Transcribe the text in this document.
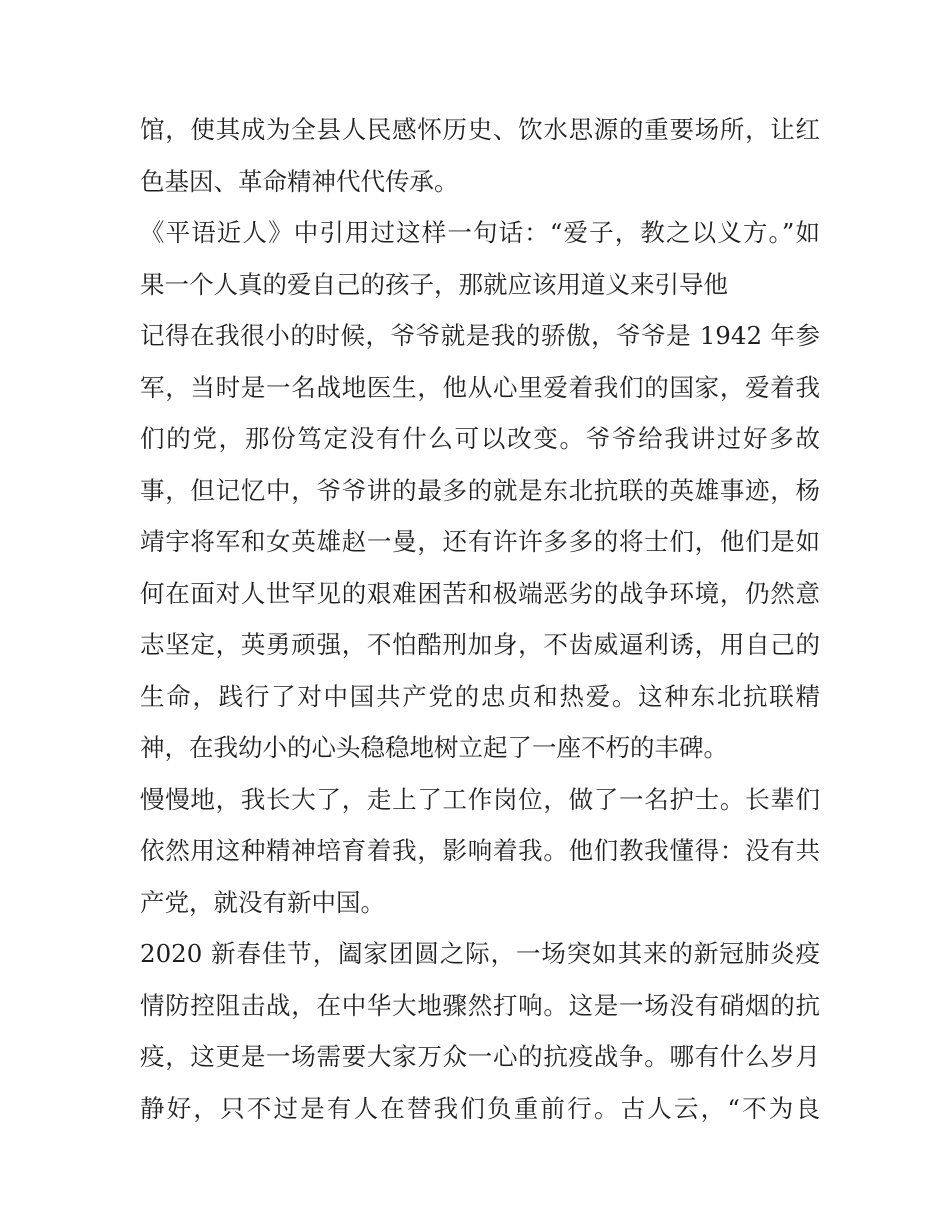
馆，使其成为全县人民感怀历史、饮水思源的重要场所，让红
色基因、革命精神代代传承。
《平语近人》中引用过这样一句话：“爱子，教之以义方。”如
果一个人真的爱自己的孩子，那就应该用道义来引导他
记得在我很小的时候，爷爷就是我的骄傲，爷爷是 1942 年参
军，当时是一名战地医生，他从心里爱着我们的国家，爱着我
们的党，那份笃定没有什么可以改变。爷爷给我讲过好多故
事，但记忆中，爷爷讲的最多的就是东北抗联的英雄事迹，杨
靖宇将军和女英雄赵一曼，还有许许多多的将士们，他们是如
何在面对人世罕见的艰难困苦和极端恶劣的战争环境，仍然意
志坚定，英勇顽强，不怕酷刑加身，不齿威逼利诱，用自己的
生命，践行了对中国共产党的忠贞和热爱。这种东北抗联精
神，在我幼小的心头稳稳地树立起了一座不朽的丰碑。
慢慢地，我长大了，走上了工作岗位，做了一名护士。长辈们
依然用这种精神培育着我，影响着我。他们教我懂得：没有共
产党，就没有新中国。
2020 新春佳节，阖家团圆之际，一场突如其来的新冠肺炎疫
情防控阻击战，在中华大地骤然打响。这是一场没有硝烟的抗
疫，这更是一场需要大家万众一心的抗疫战争。哪有什么岁月
静好，只不过是有人在替我们负重前行。古人云，“不为良
